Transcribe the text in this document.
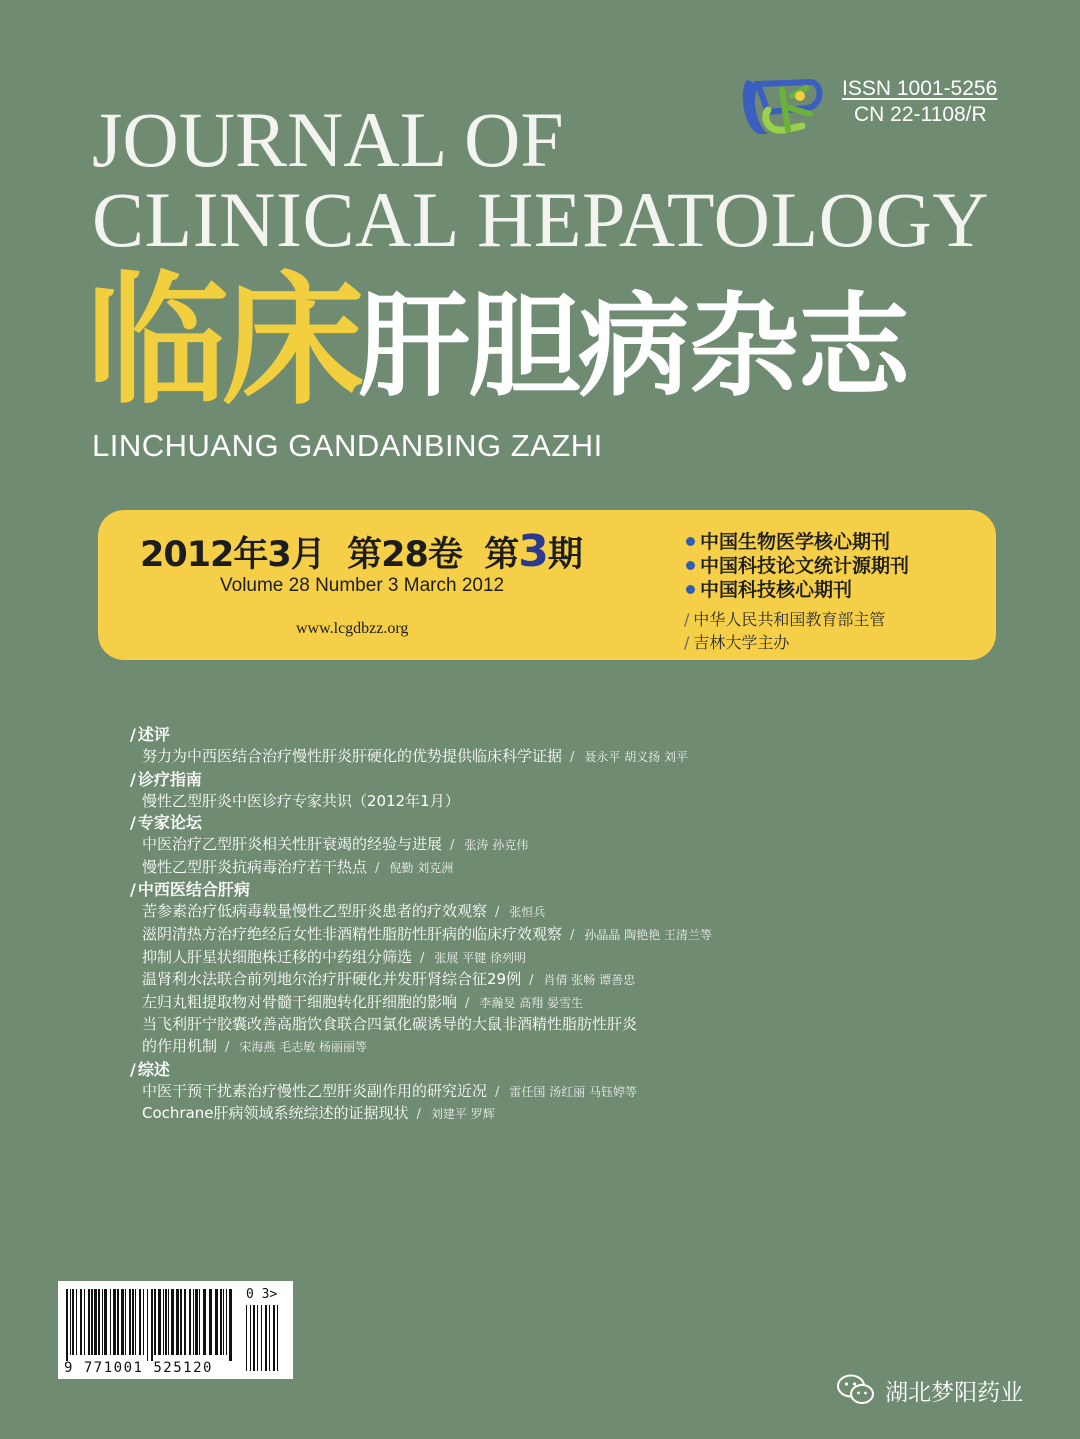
ISSN 1001-5256
CN 22-1108/R
JOURNAL OF
CLINICAL HEPATOLOGY
临床肝胆病杂志
LINCHUANG GANDANBING ZAZHI
2012年3月 第28卷 第3期
Volume 28 Number 3 March 2012
www.lcgdbzz.org
中国生物医学核心期刊
中国科技论文统计源期刊
中国科技核心期刊
/ 中华人民共和国教育部主管
/ 吉林大学主办
/ 述评
努力为中西医结合治疗慢性肝炎肝硬化的优势提供临床科学证据 / 聂永平 胡义扬 刘平
/ 诊疗指南
慢性乙型肝炎中医诊疗专家共识（2012年1月）
/ 专家论坛
中医治疗乙型肝炎相关性肝衰竭的经验与进展 / 张涛 孙克伟
慢性乙型肝炎抗病毒治疗若干热点 / 倪勤 刘克洲
/ 中西医结合肝病
苦参素治疗低病毒载量慢性乙型肝炎患者的疗效观察 / 张恒兵
滋阴清热方治疗绝经后女性非酒精性脂肪性肝病的临床疗效观察 / 孙晶晶 陶艳艳 王清兰等
抑制人肝星状细胞株迁移的中药组分筛选 / 张展 平键 徐列明
温肾利水法联合前列地尔治疗肝硬化并发肝肾综合征29例 / 肖倩 张畅 谭善忠
左归丸粗提取物对骨髓干细胞转化肝细胞的影响 / 李瀚旻 高翔 晏雪生
当飞利肝宁胶囊改善高脂饮食联合四氯化碳诱导的大鼠非酒精性脂肪性肝炎
的作用机制 / 宋海燕 毛志敏 杨丽丽等
/ 综述
中医干预干扰素治疗慢性乙型肝炎副作用的研究近况 / 雷任国 汤红丽 马钰婷等
Cochrane肝病领域系统综述的证据现状 / 刘建平 罗辉
9 771001 525120
0 3>
湖北梦阳药业
